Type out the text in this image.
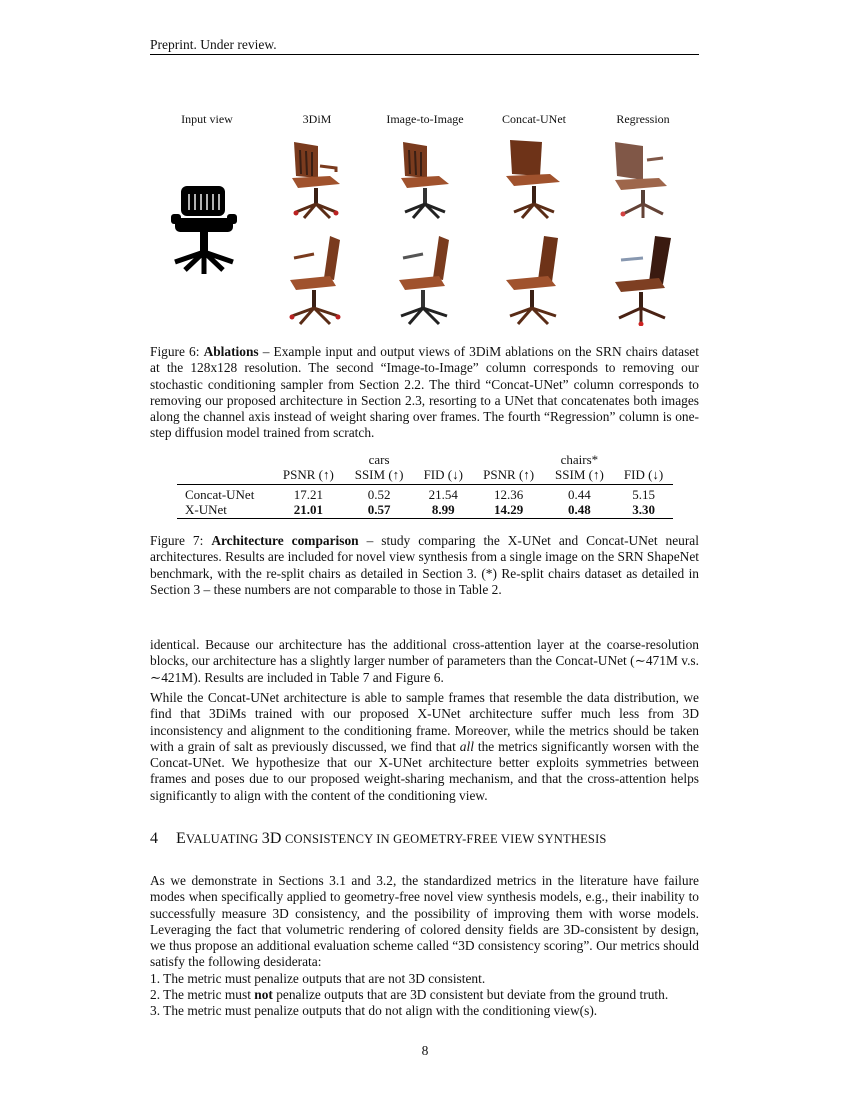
Preprint. Under review.
Input view	3DiM	Image-to-Image	Concat-UNet	Regression
Figure 6: Ablations – Example input and output views of 3DiM ablations on the SRN chairs dataset at the 128x128 resolution. The second “Image-to-Image” column corresponds to removing our stochastic conditioning sampler from Section 2.2. The third “Concat-UNet” column corresponds to removing our proposed architecture in Section 2.3, resorting to a UNet that concatenates both images along the channel axis instead of weight sharing over frames. The fourth “Regression” column is one-step diffusion model trained from scratch.
		cars			chairs*	
	PSNR (↑)	SSIM (↑)	FID (↓)	PSNR (↑)	SSIM (↑)	FID (↓)
Concat-UNet	17.21	0.52	21.54	12.36	0.44	5.15
X-UNet	21.01	0.57	8.99	14.29	0.48	3.30
Figure 7: Architecture comparison – study comparing the X-UNet and Concat-UNet neural architectures. Results are included for novel view synthesis from a single image on the SRN ShapeNet benchmark, with the re-split chairs as detailed in Section 3. (*) Re-split chairs dataset as detailed in Section 3 – these numbers are not comparable to those in Table 2.
identical. Because our architecture has the additional cross-attention layer at the coarse-resolution blocks, our architecture has a slightly larger number of parameters than the Concat-UNet (∼471M v.s. ∼421M). Results are included in Table 7 and Figure 6.
While the Concat-UNet architecture is able to sample frames that resemble the data distribution, we find that 3DiMs trained with our proposed X-UNet architecture suffer much less from 3D inconsistency and alignment to the conditioning frame. Moreover, while the metrics should be taken with a grain of salt as previously discussed, we find that all the metrics significantly worsen with the Concat-UNet. We hypothesize that our X-UNet architecture better exploits symmetries between frames and poses due to our proposed weight-sharing mechanism, and that the cross-attention helps significantly to align with the content of the conditioning view.
4 EVALUATING 3D CONSISTENCY IN GEOMETRY-FREE VIEW SYNTHESIS
As we demonstrate in Sections 3.1 and 3.2, the standardized metrics in the literature have failure modes when specifically applied to geometry-free novel view synthesis models, e.g., their inability to successfully measure 3D consistency, and the possibility of improving them with worse models. Leveraging the fact that volumetric rendering of colored density fields are 3D-consistent by design, we thus propose an additional evaluation scheme called “3D consistency scoring”. Our metrics should satisfy the following desiderata:
1. The metric must penalize outputs that are not 3D consistent.
2. The metric must not penalize outputs that are 3D consistent but deviate from the ground truth.
3. The metric must penalize outputs that do not align with the conditioning view(s).
8
